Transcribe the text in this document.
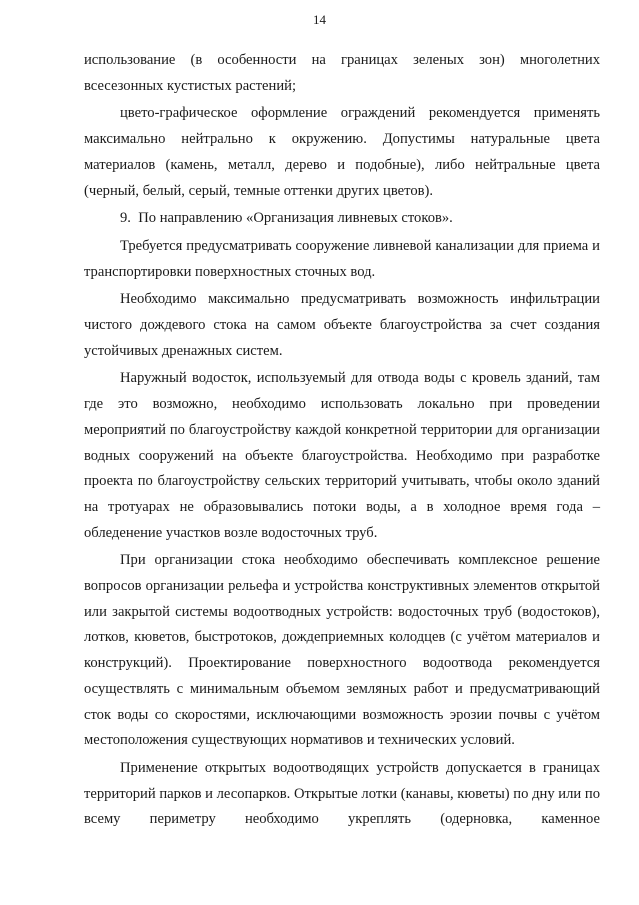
14

использование (в особенности на границах зеленых зон) многолетних всесезонных кустистых растений;

цвето-графическое оформление ограждений рекомендуется применять максимально нейтрально к окружению. Допустимы натуральные цвета материалов (камень, металл, дерево и подобные), либо нейтральные цвета (черный, белый, серый, темные оттенки других цветов).

9.  По направлению «Организация ливневых стоков».

Требуется предусматривать сооружение ливневой канализации для приема и транспортировки поверхностных сточных вод.

Необходимо максимально предусматривать возможность инфильтрации чистого дождевого стока на самом объекте благоустройства за счет создания устойчивых дренажных систем.

Наружный водосток, используемый для отвода воды с кровель зданий, там где это возможно, необходимо использовать локально при проведении мероприятий по благоустройству каждой конкретной территории для организации водных сооружений на объекте благоустройства. Необходимо при разработке проекта по благоустройству сельских территорий учитывать, чтобы около зданий на тротуарах не образовывались потоки воды, а в холодное время года – обледенение участков возле водосточных труб.

При организации стока необходимо обеспечивать комплексное решение вопросов организации рельефа и устройства конструктивных элементов открытой или закрытой системы водоотводных устройств: водосточных труб (водостоков), лотков, кюветов, быстротоков, дождеприемных колодцев (с учётом материалов и конструкций). Проектирование поверхностного водоотвода рекомендуется осуществлять с минимальным объемом земляных работ и предусматривающий сток воды со скоростями, исключающими возможность эрозии почвы с учётом местоположения существующих нормативов и технических условий.

Применение открытых водоотводящих устройств допускается в границах территорий парков и лесопарков. Открытые лотки (канавы, кюветы) по дну или по всему периметру необходимо укреплять (одерновка, каменное
